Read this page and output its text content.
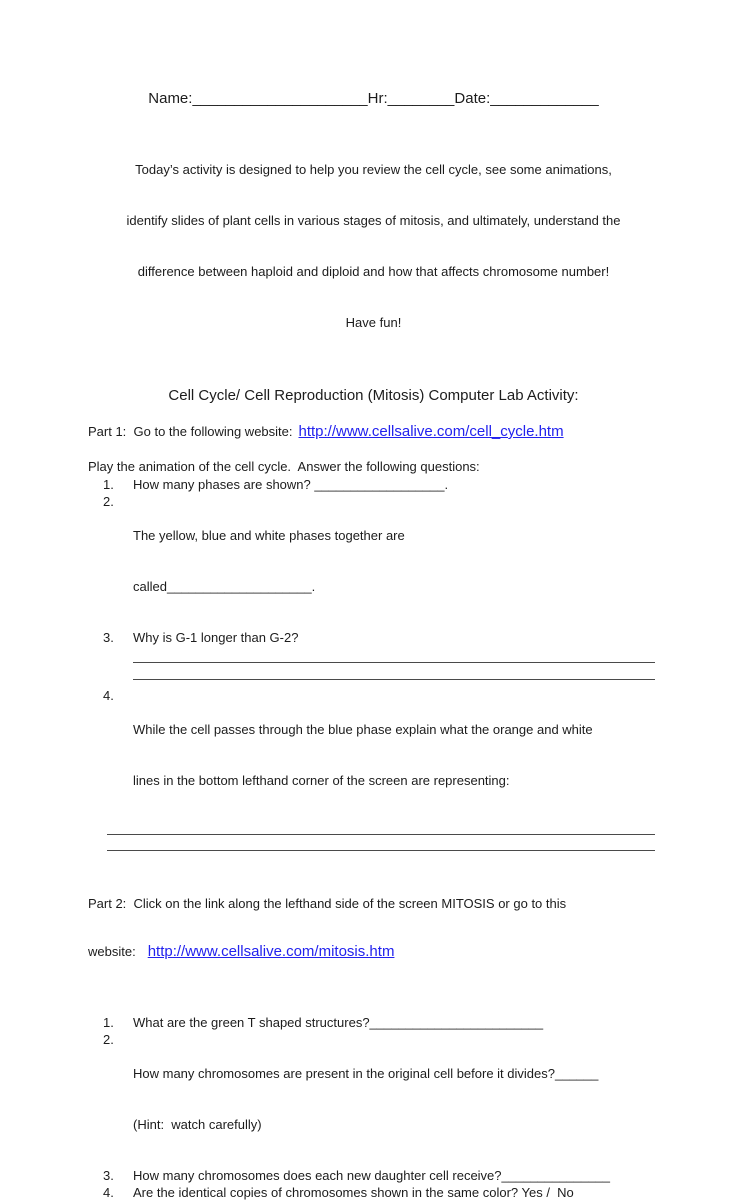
Name:_____________________Hr:________Date:_____________

Today’s activity is designed to help you review the cell cycle, see some animations,

identify slides of plant cells in various stages of mitosis, and ultimately, understand the

difference between haploid and diploid and how that affects chromosome number!

Have fun!

Cell Cycle/ Cell Reproduction (Mitosis) Computer Lab Activity:
Part 1:  Go to the following website: http://www.cellsalive.com/cell_cycle.htm
Play the animation of the cell cycle.  Answer the following questions:
1.	How many phases are shown? __________________.
2.

The yellow, blue and white phases together are

called____________________.

3.	Why is G-1 longer than G-2?
4.

While the cell passes through the blue phase explain what the orange and white

lines in the bottom lefthand corner of the screen are representing:

Part 2:  Click on the link along the lefthand side of the screen MITOSIS or go to this

website: http://www.cellsalive.com/mitosis.htm

1.	What are the green T shaped structures?________________________
2.

How many chromosomes are present in the original cell before it divides?______

(Hint:  watch carefully)

3.	How many chromosomes does each new daughter cell receive?_______________
4.	Are the identical copies of chromosomes shown in the same color? Yes /  No
